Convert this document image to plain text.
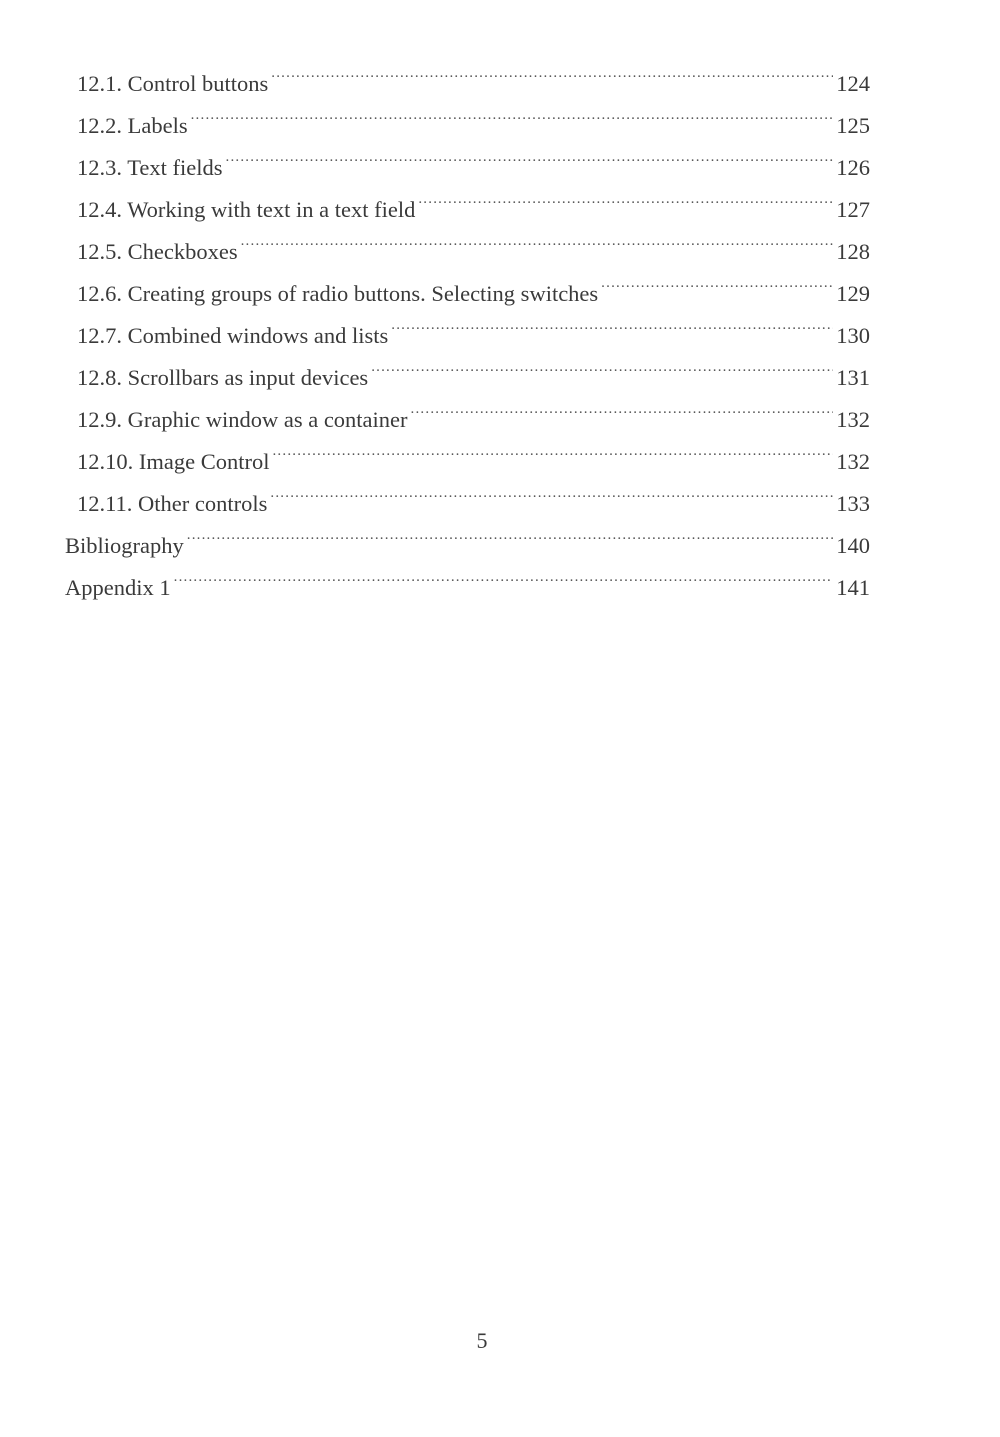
12.1. Control buttons .....	124
12.2. Labels .....	125
12.3. Text fields .....	126
12.4. Working with text in a text field .....	127
12.5. Checkboxes .....	128
12.6. Creating groups of radio buttons. Selecting switches .....	129
12.7. Combined windows and lists .....	130
12.8. Scrollbars as input devices .....	131
12.9. Graphic window as a container .....	132
12.10. Image Control .....	132
12.11. Other controls .....	133
Bibliography .....	140
Appendix 1 .....	141
5
